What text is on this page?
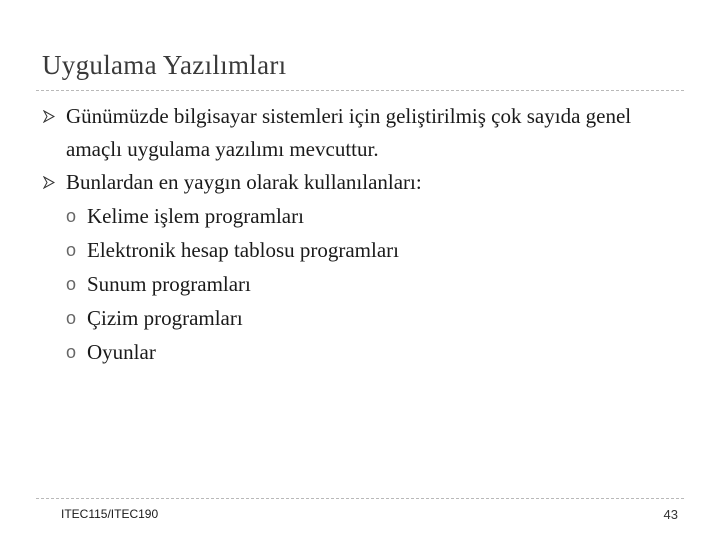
Uygulama Yazılımları
Günümüzde bilgisayar sistemleri için geliştirilmiş çok sayıda genel amaçlı uygulama yazılımı mevcuttur.
Bunlardan en yaygın olarak kullanılanları:
o Kelime işlem programları
o Elektronik hesap tablosu programları
o Sunum programları
o Çizim programları
o Oyunlar
ITEC115/ITEC190	43
